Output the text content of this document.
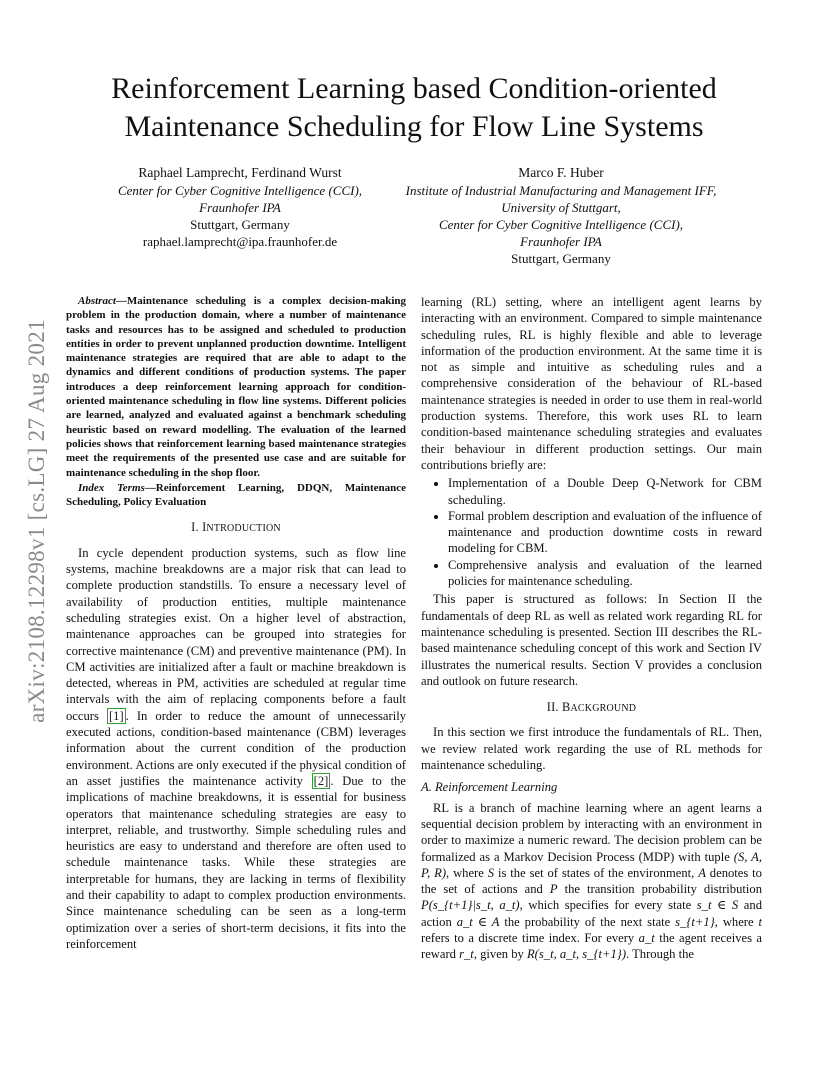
arXiv:2108.12298v1 [cs.LG] 27 Aug 2021
Reinforcement Learning based Condition-oriented
Maintenance Scheduling for Flow Line Systems
Raphael Lamprecht, Ferdinand Wurst
Center for Cyber Cognitive Intelligence (CCI),
Fraunhofer IPA
Stuttgart, Germany
raphael.lamprecht@ipa.fraunhofer.de
Marco F. Huber
Institute of Industrial Manufacturing and Management IFF,
University of Stuttgart,
Center for Cyber Cognitive Intelligence (CCI),
Fraunhofer IPA
Stuttgart, Germany

Abstract—Maintenance scheduling is a complex decision-making problem in the production domain, where a number of maintenance tasks and resources has to be assigned and scheduled to production entities in order to prevent unplanned production downtime. Intelligent maintenance strategies are required that are able to adapt to the dynamics and different conditions of production systems. The paper introduces a deep reinforcement learning approach for condition-oriented maintenance scheduling in flow line systems. Different policies are learned, analyzed and evaluated against a benchmark scheduling heuristic based on reward modelling. The evaluation of the learned policies shows that reinforcement learning based maintenance strategies meet the requirements of the presented use case and are suitable for maintenance scheduling in the shop floor.

Index Terms—Reinforcement Learning, DDQN, Maintenance Scheduling, Policy Evaluation

I. INTRODUCTION

In cycle dependent production systems, such as flow line systems, machine breakdowns are a major risk that can lead to complete production standstills. To ensure a necessary level of availability of production entities, multiple maintenance scheduling strategies exist. On a higher level of abstraction, maintenance approaches can be grouped into strategies for corrective maintenance (CM) and preventive maintenance (PM). In CM activities are initialized after a fault or machine breakdown is detected, whereas in PM, activities are scheduled at regular time intervals with the aim of replacing components before a fault occurs [1] . In order to reduce the amount of unnecessarily executed actions, condition-based maintenance (CBM) leverages information about the current condition of the production environment. Actions are only executed if the physical condition of an asset justifies the maintenance activity [2] . Due to the implications of machine breakdowns, it is essential for business operators that maintenance scheduling strategies are easy to interpret, reliable, and trustworthy. Simple scheduling rules and heuristics are easy to understand and therefore are often used to schedule maintenance tasks. While these strategies are interpretable for humans, they are lacking in terms of flexibility and their capability to adapt to complex production environments. Since maintenance scheduling can be seen as a long-term optimization over a series of short-term decisions, it fits into the reinforcement

learning (RL) setting, where an intelligent agent learns by interacting with an environment. Compared to simple maintenance scheduling rules, RL is highly flexible and able to leverage information of the production environment. At the same time it is not as simple and intuitive as scheduling rules and a comprehensive consideration of the behaviour of RL-based maintenance strategies is needed in order to use them in real-world production systems. Therefore, this work uses RL to learn condition-based maintenance scheduling strategies and evaluates their behaviour in different production settings. Our main contributions briefly are:

• Implementation of a Double Deep Q-Network for CBM scheduling.
• Formal problem description and evaluation of the influence of maintenance and production downtime costs in reward modeling for CBM.
• Comprehensive analysis and evaluation of the learned policies for maintenance scheduling.

This paper is structured as follows: In Section II the fundamentals of deep RL as well as related work regarding RL for maintenance scheduling is presented. Section III describes the RL-based maintenance scheduling concept of this work and Section IV illustrates the numerical results. Section V provides a conclusion and outlook on future research.

II. BACKGROUND

In this section we first introduce the fundamentals of RL. Then, we review related work regarding the use of RL methods for maintenance scheduling.

A. Reinforcement Learning

RL is a branch of machine learning where an agent learns a sequential decision problem by interacting with an environment in order to maximize a numeric reward. The decision problem can be formalized as a Markov Decision Process (MDP) with tuple (S, A, P, R), where S is the set of states of the environment, A denotes to the set of actions and P the transition probability distribution P(s_{t+1}|s_t, a_t), which specifies for every state s_t ∈ S and action a_t ∈ A the probability of the next state s_{t+1}, where t refers to a discrete time index. For every a_t the agent receives a reward r_t, given by R(s_t, a_t, s_{t+1}). Through the
